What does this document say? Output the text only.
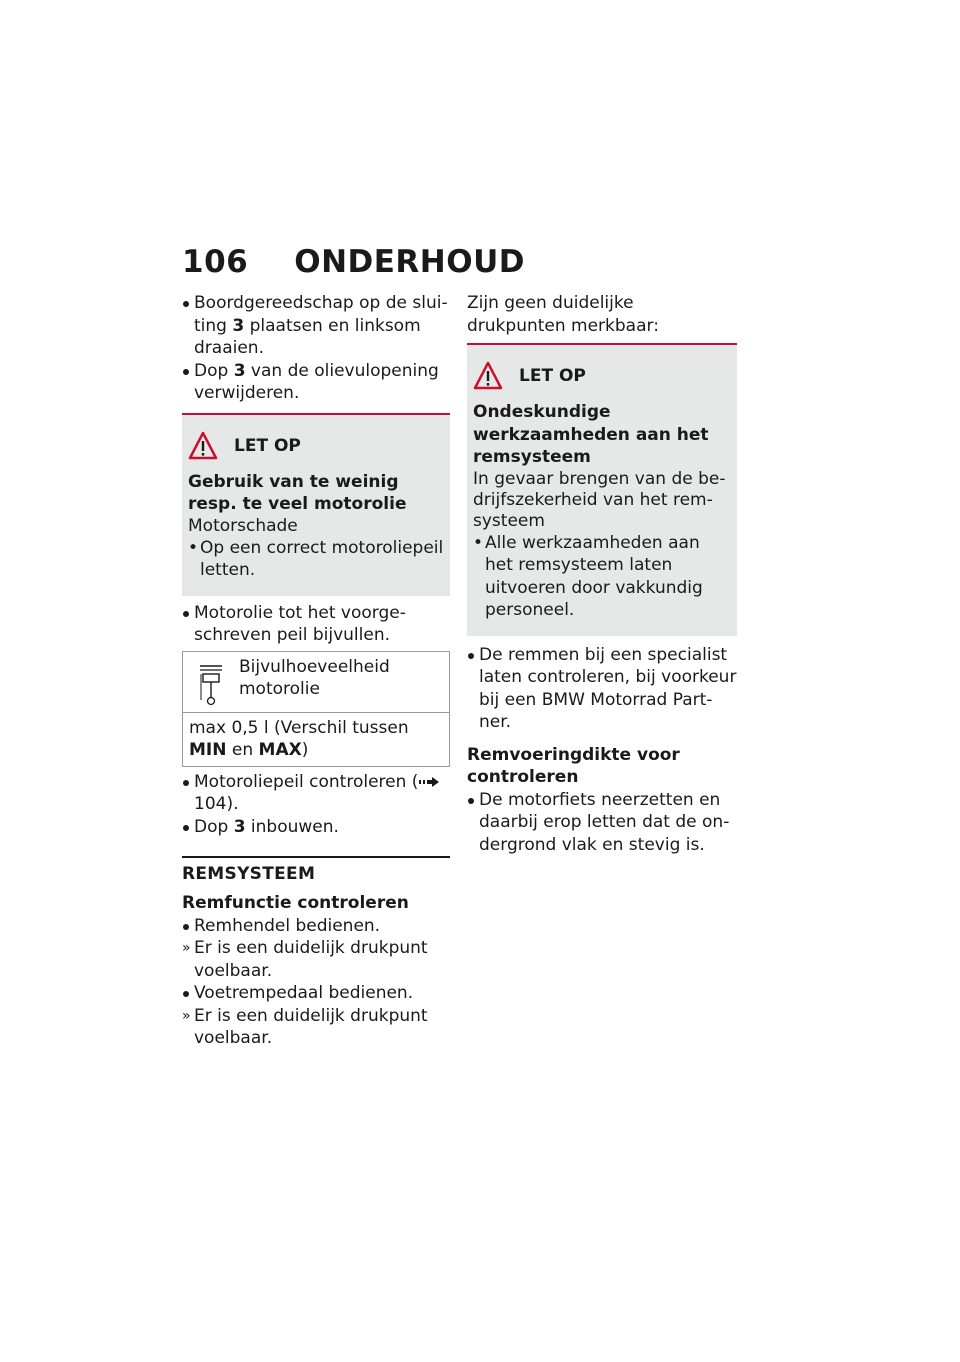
106 ONDERHOUD
Boordgereedschap op de sluiting 3 plaatsen en linksom draaien.
Dop 3 van de olievulopening verwijderen.
LET OP
Gebruik van te weinig resp. te veel motorolie
Motorschade
• Op een correct motoroliepeil letten.
Motorolie tot het voorgeschreven peil bijvullen.
Bijvulhoeveelheid motorolie
max 0,5 l (Verschil tussen MIN en MAX)
Motoroliepeil controleren ( 104).
Dop 3 inbouwen.
REMSYSTEEM
Remfunctie controleren
Remhendel bedienen.
» Er is een duidelijk drukpunt voelbaar.
Voetrempedaal bedienen.
» Er is een duidelijk drukpunt voelbaar.
Zijn geen duidelijke drukpunten merkbaar:
LET OP
Ondeskundige werkzaamheden aan het remsysteem
In gevaar brengen van de bedrijfszekerheid van het remsysteem
• Alle werkzaamheden aan het remsysteem laten uitvoeren door vakkundig personeel.
De remmen bij een specialist laten controleren, bij voorkeur bij een BMW Motorrad Partner.
Remvoeringdikte voor controleren
De motorfiets neerzetten en daarbij erop letten dat de ondergrond vlak en stevig is.
